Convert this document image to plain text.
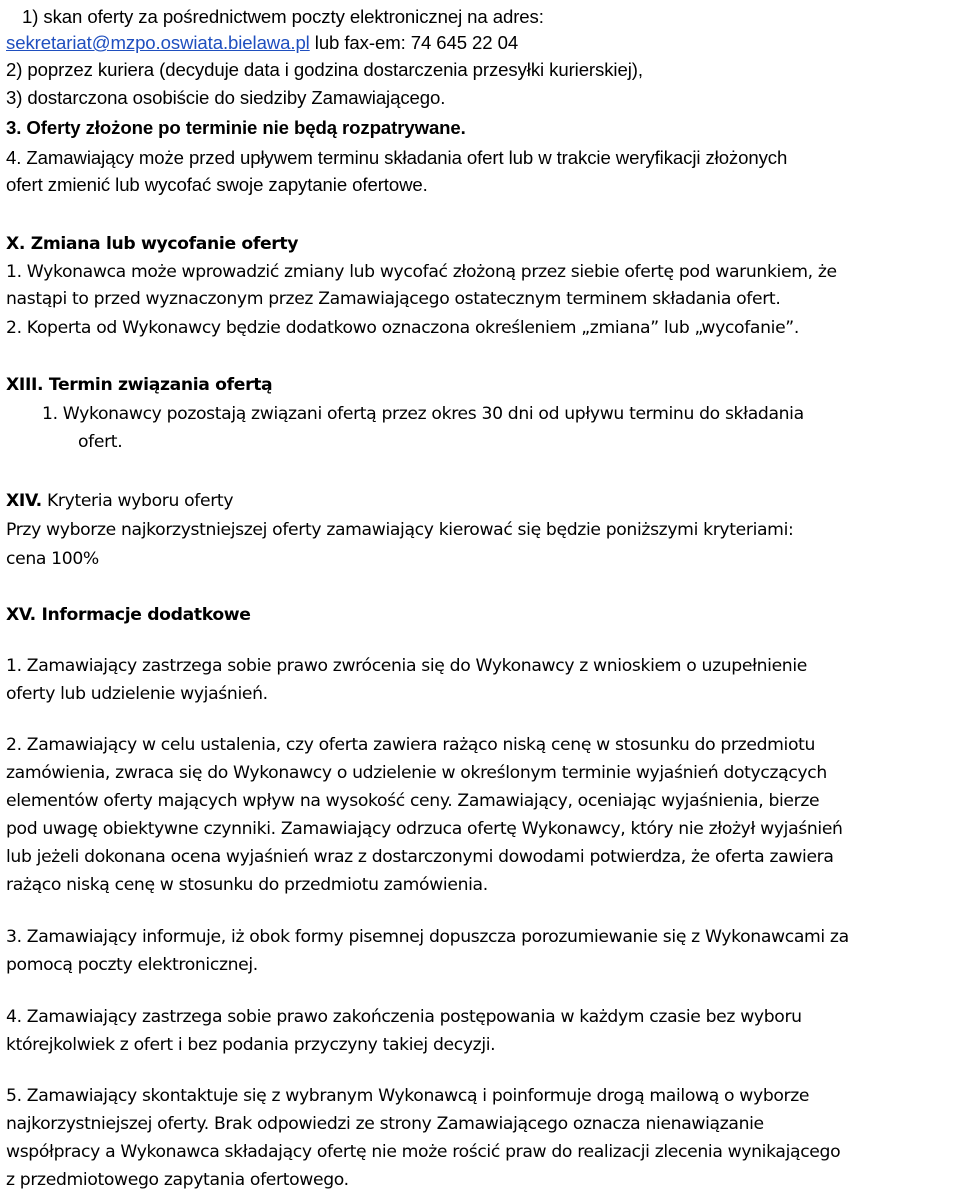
1) skan oferty za pośrednictwem poczty elektronicznej na adres:
sekretariat@mzpo.oswiata.bielawa.pl lub fax-em: 74 645 22 04
2) poprzez kuriera (decyduje data i godzina dostarczenia przesyłki kurierskiej),
3) dostarczona osobiście do siedziby Zamawiającego.
3. Oferty złożone po terminie nie będą rozpatrywane.
4. Zamawiający może przed upływem terminu składania ofert lub w trakcie weryfikacji złożonych
ofert zmienić lub wycofać swoje zapytanie ofertowe.
X. Zmiana lub wycofanie oferty
1. Wykonawca może wprowadzić zmiany lub wycofać złożoną przez siebie ofertę pod warunkiem, że
nastąpi to przed wyznaczonym przez Zamawiającego ostatecznym terminem składania ofert.
2. Koperta od Wykonawcy będzie dodatkowo oznaczona określeniem „zmiana” lub „wycofanie”.
XIII. Termin związania ofertą
1. Wykonawcy pozostają związani ofertą przez okres 30 dni od upływu terminu do składania
ofert.
XIV. Kryteria wyboru oferty
Przy wyborze najkorzystniejszej oferty zamawiający kierować się będzie poniższymi kryteriami:
cena 100%
XV. Informacje dodatkowe
1. Zamawiający zastrzega sobie prawo zwrócenia się do Wykonawcy z wnioskiem o uzupełnienie
oferty lub udzielenie wyjaśnień.
2. Zamawiający w celu ustalenia, czy oferta zawiera rażąco niską cenę w stosunku do przedmiotu
zamówienia, zwraca się do Wykonawcy o udzielenie w określonym terminie wyjaśnień dotyczących
elementów oferty mających wpływ na wysokość ceny. Zamawiający, oceniając wyjaśnienia, bierze
pod uwagę obiektywne czynniki. Zamawiający odrzuca ofertę Wykonawcy, który nie złożył wyjaśnień
lub jeżeli dokonana ocena wyjaśnień wraz z dostarczonymi dowodami potwierdza, że oferta zawiera
rażąco niską cenę w stosunku do przedmiotu zamówienia.
3. Zamawiający informuje, iż obok formy pisemnej dopuszcza porozumiewanie się z Wykonawcami za
pomocą poczty elektronicznej.
4. Zamawiający zastrzega sobie prawo zakończenia postępowania w każdym czasie bez wyboru
którejkolwiek z ofert i bez podania przyczyny takiej decyzji.
5. Zamawiający skontaktuje się z wybranym Wykonawcą i poinformuje drogą mailową o wyborze
najkorzystniejszej oferty. Brak odpowiedzi ze strony Zamawiającego oznacza nienawiązanie
współpracy a Wykonawca składający ofertę nie może rościć praw do realizacji zlecenia wynikającego
z przedmiotowego zapytania ofertowego.
